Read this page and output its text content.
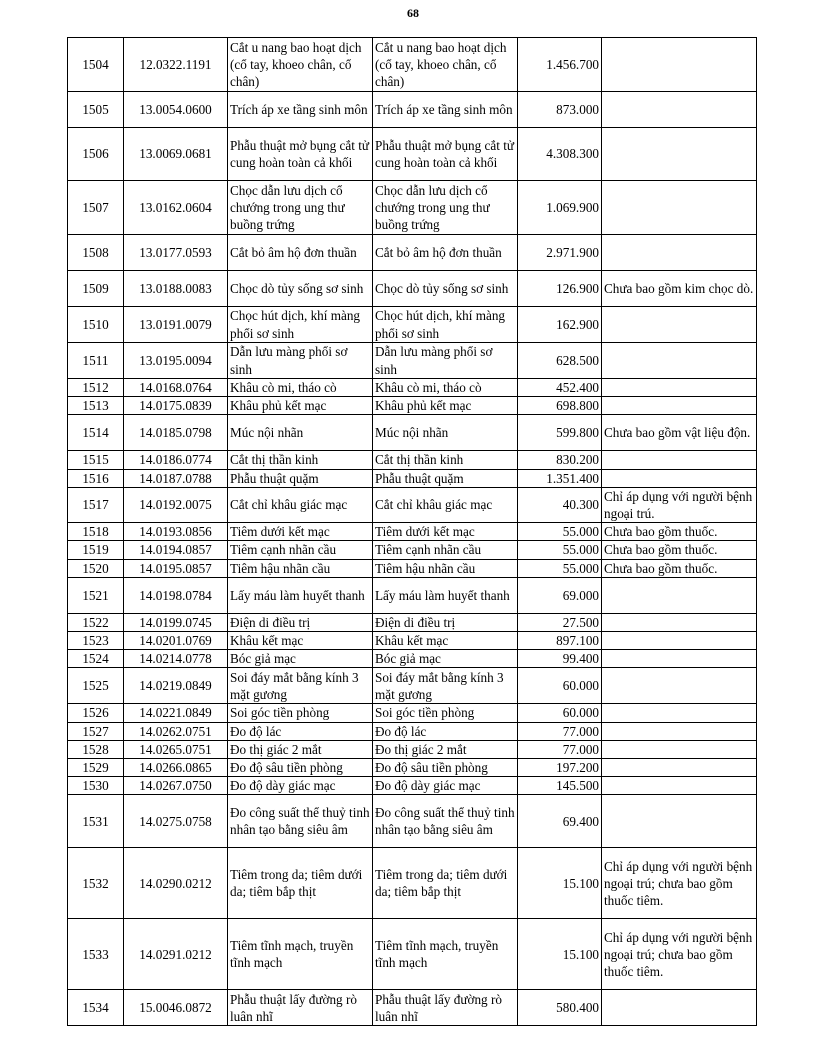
68
1504	12.0322.1191	Cắt u nang bao hoạt dịch (cổ tay, khoeo chân, cổ chân)	Cắt u nang bao hoạt dịch (cổ tay, khoeo chân, cổ chân)	1.456.700	
1505	13.0054.0600	Trích áp xe tầng sinh môn	Trích áp xe tầng sinh môn	873.000	
1506	13.0069.0681	Phẫu thuật mở bụng cắt tử cung hoàn toàn cả khối	Phẫu thuật mở bụng cắt tử cung hoàn toàn cả khối	4.308.300	
1507	13.0162.0604	Chọc dẫn lưu dịch cổ chướng trong ung thư buồng trứng	Chọc dẫn lưu dịch cổ chướng trong ung thư buồng trứng	1.069.900	
1508	13.0177.0593	Cắt bỏ âm hộ đơn thuần	Cắt bỏ âm hộ đơn thuần	2.971.900	
1509	13.0188.0083	Chọc dò tủy sống sơ sinh	Chọc dò tủy sống sơ sinh	126.900	Chưa bao gồm kim chọc dò.
1510	13.0191.0079	Chọc hút dịch, khí màng phổi sơ sinh	Chọc hút dịch, khí màng phổi sơ sinh	162.900	
1511	13.0195.0094	Dẫn lưu màng phổi sơ sinh	Dẫn lưu màng phổi sơ sinh	628.500	
1512	14.0168.0764	Khâu cò mi, tháo cò	Khâu cò mi, tháo cò	452.400	
1513	14.0175.0839	Khâu phủ kết mạc	Khâu phủ kết mạc	698.800	
1514	14.0185.0798	Múc nội nhãn	Múc nội nhãn	599.800	Chưa bao gồm vật liệu độn.
1515	14.0186.0774	Cắt thị thần kinh	Cắt thị thần kinh	830.200	
1516	14.0187.0788	Phẫu thuật quặm	Phẫu thuật quặm	1.351.400	
1517	14.0192.0075	Cắt chỉ khâu giác mạc	Cắt chỉ khâu giác mạc	40.300	Chỉ áp dụng với người bệnh ngoại trú.
1518	14.0193.0856	Tiêm dưới kết mạc	Tiêm dưới kết mạc	55.000	Chưa bao gồm thuốc.
1519	14.0194.0857	Tiêm cạnh nhãn cầu	Tiêm cạnh nhãn cầu	55.000	Chưa bao gồm thuốc.
1520	14.0195.0857	Tiêm hậu nhãn cầu	Tiêm hậu nhãn cầu	55.000	Chưa bao gồm thuốc.
1521	14.0198.0784	Lấy máu làm huyết thanh	Lấy máu làm huyết thanh	69.000	
1522	14.0199.0745	Điện di điều trị	Điện di điều trị	27.500	
1523	14.0201.0769	Khâu kết mạc	Khâu kết mạc	897.100	
1524	14.0214.0778	Bóc giả mạc	Bóc giả mạc	99.400	
1525	14.0219.0849	Soi đáy mắt bằng kính 3 mặt gương	Soi đáy mắt bằng kính 3 mặt gương	60.000	
1526	14.0221.0849	Soi góc tiền phòng	Soi góc tiền phòng	60.000	
1527	14.0262.0751	Đo độ lác	Đo độ lác	77.000	
1528	14.0265.0751	Đo thị giác 2 mắt	Đo thị giác 2 mắt	77.000	
1529	14.0266.0865	Đo độ sâu tiền phòng	Đo độ sâu tiền phòng	197.200	
1530	14.0267.0750	Đo độ dày giác mạc	Đo độ dày giác mạc	145.500	
1531	14.0275.0758	Đo công suất thể thuỷ tinh nhân tạo bằng siêu âm	Đo công suất thể thuỷ tinh nhân tạo bằng siêu âm	69.400	
1532	14.0290.0212	Tiêm trong da; tiêm dưới da; tiêm bắp thịt	Tiêm trong da; tiêm dưới da; tiêm bắp thịt	15.100	Chỉ áp dụng với người bệnh ngoại trú; chưa bao gồm thuốc tiêm.
1533	14.0291.0212	Tiêm tĩnh mạch, truyền tĩnh mạch	Tiêm tĩnh mạch, truyền tĩnh mạch	15.100	Chỉ áp dụng với người bệnh ngoại trú; chưa bao gồm thuốc tiêm.
1534	15.0046.0872	Phẫu thuật lấy đường rò luân nhĩ	Phẫu thuật lấy đường rò luân nhĩ	580.400	
